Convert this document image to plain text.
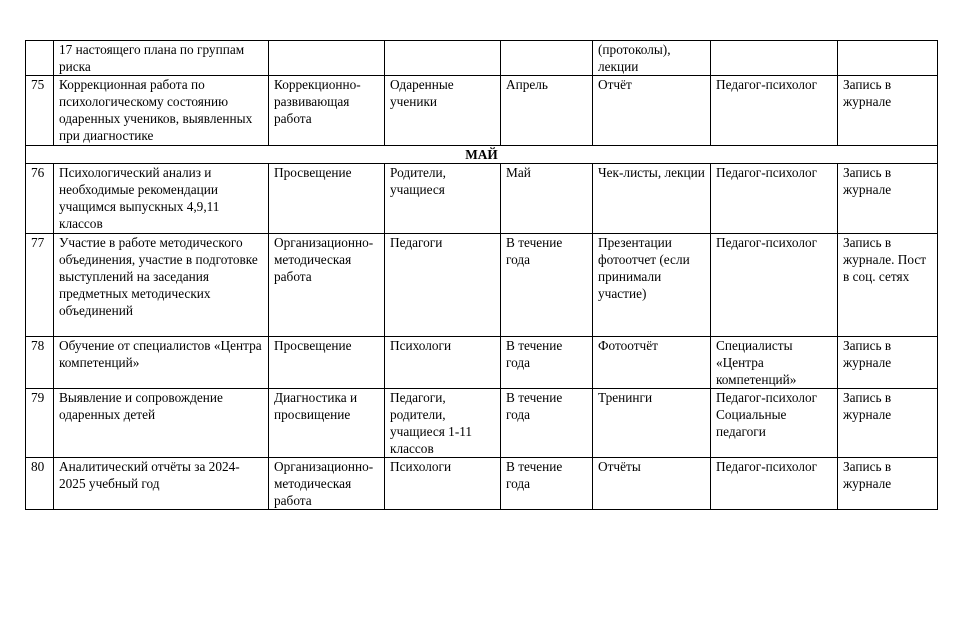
	17 настоящего плана по группам риска				(протоколы), лекции		
75	Коррекционная работа по психологическому состоянию одаренных учеников, выявленных при диагностике	Коррекционно-развивающая работа	Одаренные ученики	Апрель	Отчёт	Педагог-психолог	Запись в журнале
МАЙ							
76	Психологический анализ и необходимые рекомендации учащимся выпускных 4,9,11 классов	Просвещение	Родители, учащиеся	Май	Чек-листы, лекции	Педагог-психолог	Запись в журнале
77	Участие в работе методического объединения, участие в подготовке выступлений на заседания предметных методических объединений	Организационно-методическая работа	Педагоги	В течение года	Презентации фотоотчет (если принимали участие)	Педагог-психолог	Запись в журнале. Пост в соц. сетях
78	Обучение от специалистов «Центра компетенций»	Просвещение	Психологи	В течение года	Фотоотчёт	Специалисты «Центра компетенций»	Запись в журнале
79	Выявление и сопровождение одаренных детей	Диагностика и просвищение	Педагоги, родители, учащиеся 1-11 классов	В течение года	Тренинги	Педагог-психолог Социальные педагоги	Запись в журнале
80	Аналитический отчёты за 2024-2025 учебный год	Организационно-методическая работа	Психологи	В течение года	Отчёты	Педагог-психолог	Запись в журнале
